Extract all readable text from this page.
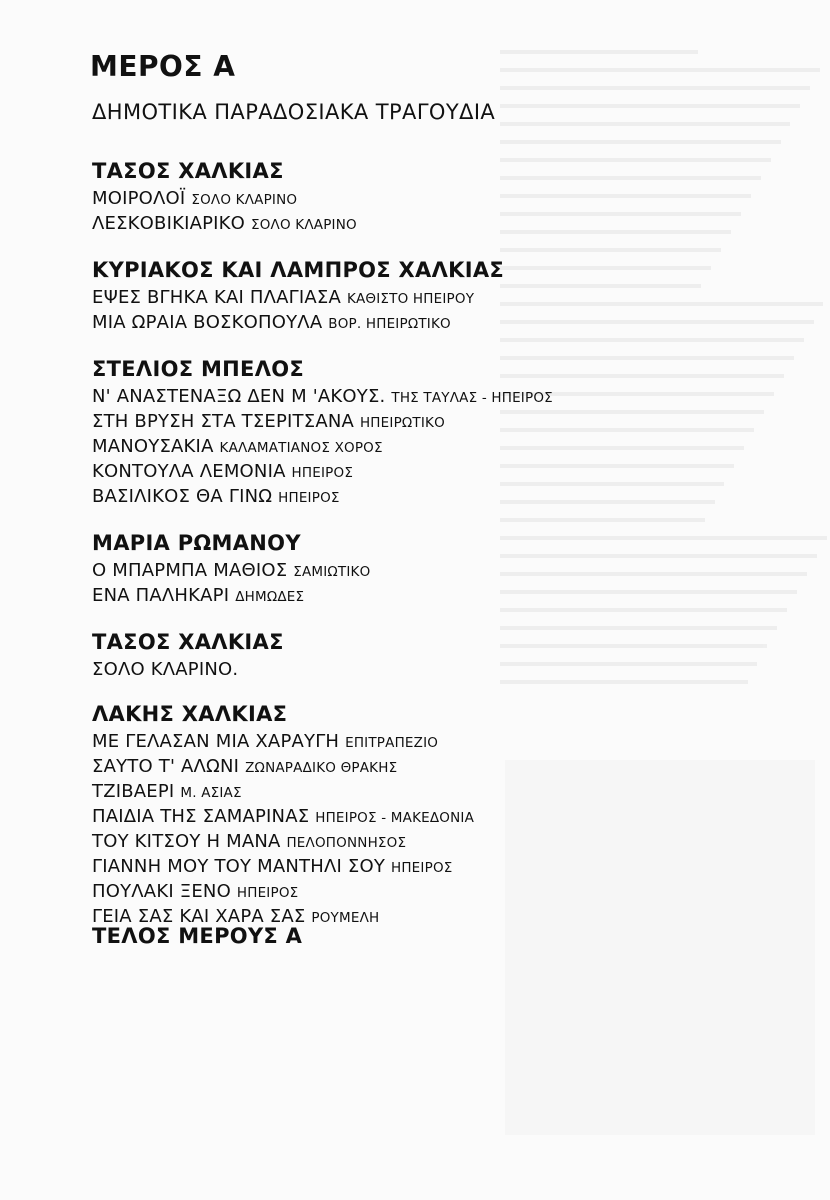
ΜΕΡΟΣ Α
ΔΗΜΟΤΙΚΑ ΠΑΡΑΔΟΣΙΑΚΑ ΤΡΑΓΟΥΔΙΑ
ΤΑΣΟΣ ΧΑΛΚΙΑΣ
ΜΟΙΡΟΛΟΪ ΣΟΛΟ ΚΛΑΡΙΝΟ
ΛΕΣΚΟΒΙΚΙΑΡΙΚΟ ΣΟΛΟ ΚΛΑΡΙΝΟ
ΚΥΡΙΑΚΟΣ ΚΑΙ ΛΑΜΠΡΟΣ ΧΑΛΚΙΑΣ
ΕΨΕΣ ΒΓΗΚΑ ΚΑΙ ΠΛΑΓΙΑΣΑ ΚΑΘΙΣΤΟ ΗΠΕΙΡΟΥ
ΜΙΑ ΩΡΑΙΑ ΒΟΣΚΟΠΟΥΛΑ ΒΟΡ. ΗΠΕΙΡΩΤΙΚΟ
ΣΤΕΛΙΟΣ ΜΠΕΛΟΣ
Ν' ΑΝΑΣΤΕΝΑΞΩ ΔΕΝ Μ 'ΑΚΟΥΣ. ΤΗΣ ΤΑΥΛΑΣ - ΗΠΕΙΡΟΣ
ΣΤΗ ΒΡΥΣΗ ΣΤΑ ΤΣΕΡΙΤΣΑΝΑ ΗΠΕΙΡΩΤΙΚΟ
ΜΑΝΟΥΣΑΚΙΑ ΚΑΛΑΜΑΤΙΑΝΟΣ ΧΟΡΟΣ
ΚΟΝΤΟΥΛΑ ΛΕΜΟΝΙΑ ΗΠΕΙΡΟΣ
ΒΑΣΙΛΙΚΟΣ ΘΑ ΓΙΝΩ ΗΠΕΙΡΟΣ
ΜΑΡΙΑ ΡΩΜΑΝΟΥ
Ο ΜΠΑΡΜΠΑ ΜΑΘΙΟΣ ΣΑΜΙΩΤΙΚΟ
ΕΝΑ ΠΑΛΗΚΑΡΙ ΔΗΜΩΔΕΣ
ΤΑΣΟΣ ΧΑΛΚΙΑΣ
ΣΟΛΟ ΚΛΑΡΙΝΟ.
ΛΑΚΗΣ ΧΑΛΚΙΑΣ
ΜΕ ΓΕΛΑΣΑΝ ΜΙΑ ΧΑΡΑΥΓΗ ΕΠΙΤΡΑΠΕΖΙΟ
ΣΑΥΤΟ Τ' ΑΛΩΝΙ ΖΩΝΑΡΑΔΙΚΟ ΘΡΑΚΗΣ
ΤΖΙΒΑΕΡΙ Μ. ΑΣΙΑΣ
ΠΑΙΔΙΑ ΤΗΣ ΣΑΜΑΡΙΝΑΣ ΗΠΕΙΡΟΣ - ΜΑΚΕΔΟΝΙΑ
ΤΟΥ ΚΙΤΣΟΥ Η ΜΑΝΑ ΠΕΛΟΠΟΝΝΗΣΟΣ
ΓΙΑΝΝΗ ΜΟΥ ΤΟΥ ΜΑΝΤΗΛΙ ΣΟΥ ΗΠΕΙΡΟΣ
ΠΟΥΛΑΚΙ ΞΕΝΟ ΗΠΕΙΡΟΣ
ΓΕΙΑ ΣΑΣ ΚΑΙ ΧΑΡΑ ΣΑΣ ΡΟΥΜΕΛΗ
ΤΕΛΟΣ ΜΕΡΟΥΣ Α
